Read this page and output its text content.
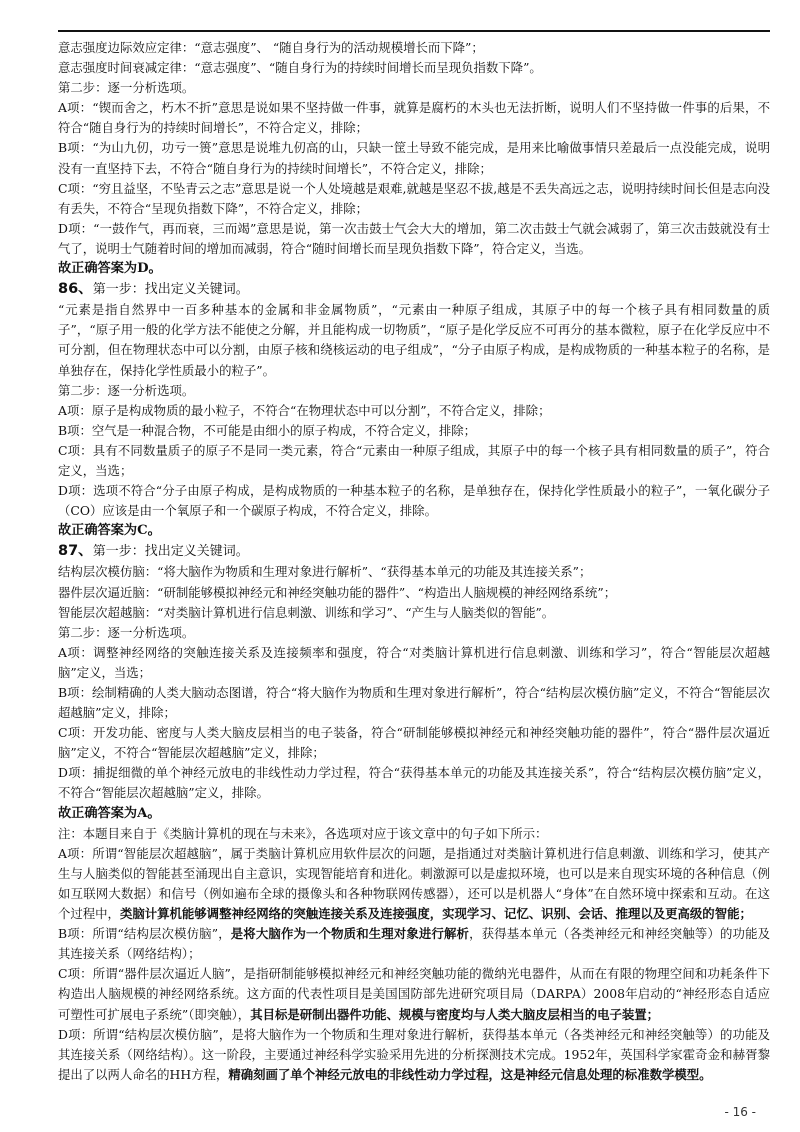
意志强度边际效应定律：“意志强度”、 “随自身行为的活动规模增长而下降”；

意志强度时间衰减定律：“意志强度”、“随自身行为的持续时间增长而呈现负指数下降”。

第二步：逐一分析选项。

A项：“锲而舍之，朽木不折”意思是说如果不坚持做一件事，就算是腐朽的木头也无法折断，说明人们不坚持做一件事的后果，不符合“随自身行为的持续时间增长”，不符合定义，排除；

B项：“为山九仞，功亏一篑”意思是说堆九仞高的山，只缺一筐土导致不能完成，是用来比喻做事情只差最后一点没能完成，说明没有一直坚持下去，不符合“随自身行为的持续时间增长”，不符合定义，排除；

C项：“穷且益坚，不坠青云之志”意思是说一个人处境越是艰难,就越是坚忍不拔,越是不丢失高远之志，说明持续时间长但是志向没有丢失，不符合“呈现负指数下降”，不符合定义，排除；

D项：“一鼓作气，再而衰，三而竭”意思是说，第一次击鼓士气会大大的增加，第二次击鼓士气就会减弱了，第三次击鼓就没有士气了，说明士气随着时间的增加而减弱，符合“随时间增长而呈现负指数下降”，符合定义，当选。

故正确答案为D。

86、第一步：找出定义关键词。

“元素是指自然界中一百多种基本的金属和非金属物质”，“元素由一种原子组成，其原子中的每一个核子具有相同数量的质子”，“原子用一般的化学方法不能使之分解，并且能构成一切物质”，“原子是化学反应不可再分的基本微粒，原子在化学反应中不可分割，但在物理状态中可以分割，由原子核和绕核运动的电子组成”，“分子由原子构成，是构成物质的一种基本粒子的名称，是单独存在，保持化学性质最小的粒子”。

第二步：逐一分析选项。

A项：原子是构成物质的最小粒子，不符合“在物理状态中可以分割”，不符合定义，排除；

B项：空气是一种混合物，不可能是由细小的原子构成，不符合定义，排除；

C项：具有不同数量质子的原子不是同一类元素，符合“元素由一种原子组成，其原子中的每一个核子具有相同数量的质子”，符合定义，当选；

D项：选项不符合“分子由原子构成，是构成物质的一种基本粒子的名称，是单独存在，保持化学性质最小的粒子”，一氧化碳分子（CO）应该是由一个氧原子和一个碳原子构成，不符合定义，排除。

故正确答案为C。

87、第一步：找出定义关键词。

结构层次模仿脑：“将大脑作为物质和生理对象进行解析”、“获得基本单元的功能及其连接关系”；

器件层次逼近脑：“研制能够模拟神经元和神经突触功能的器件”、“构造出人脑规模的神经网络系统”；

智能层次超越脑：“对类脑计算机进行信息刺激、训练和学习”、“产生与人脑类似的智能”。

第二步：逐一分析选项。

A项：调整神经网络的突触连接关系及连接频率和强度，符合“对类脑计算机进行信息刺激、训练和学习”，符合“智能层次超越脑”定义，当选；

B项：绘制精确的人类大脑动态图谱，符合“将大脑作为物质和生理对象进行解析”，符合“结构层次模仿脑”定义，不符合“智能层次超越脑”定义，排除；

C项：开发功能、密度与人类大脑皮层相当的电子装备，符合“研制能够模拟神经元和神经突触功能的器件”，符合“器件层次逼近脑”定义，不符合“智能层次超越脑”定义，排除；

D项：捕捉细微的单个神经元放电的非线性动力学过程，符合“获得基本单元的功能及其连接关系”，符合“结构层次模仿脑”定义，不符合“智能层次超越脑”定义，排除。

故正确答案为A。

注：本题目来自于《类脑计算机的现在与未来》，各选项对应于该文章中的句子如下所示：

A项：所谓“智能层次超越脑”，属于类脑计算机应用软件层次的问题，是指通过对类脑计算机进行信息刺激、训练和学习，使其产生与人脑类似的智能甚至涌现出自主意识，实现智能培育和进化。刺激源可以是虚拟环境，也可以是来自现实环境的各种信息（例如互联网大数据）和信号（例如遍布全球的摄像头和各种物联网传感器），还可以是机器人“身体”在自然环境中探索和互动。在这个过程中，类脑计算机能够调整神经网络的突触连接关系及连接强度，实现学习、记忆、识别、会话、推理以及更高级的智能；

B项：所谓“结构层次模仿脑”，是将大脑作为一个物质和生理对象进行解析，获得基本单元（各类神经元和神经突触等）的功能及其连接关系（网络结构）；

C项：所谓“器件层次逼近人脑”，是指研制能够模拟神经元和神经突触功能的微纳光电器件，从而在有限的物理空间和功耗条件下构造出人脑规模的神经网络系统。这方面的代表性项目是美国国防部先进研究项目局（DARPA）2008年启动的“神经形态自适应可塑性可扩展电子系统”（即突触），其目标是研制出器件功能、规模与密度均与人类大脑皮层相当的电子装置；

D项：所谓“结构层次模仿脑”，是将大脑作为一个物质和生理对象进行解析，获得基本单元（各类神经元和神经突触等）的功能及其连接关系（网络结构）。这一阶段，主要通过神经科学实验采用先进的分析探测技术完成。1952年，英国科学家霍奇金和赫胥黎提出了以两人命名的HH方程，精确刻画了单个神经元放电的非线性动力学过程，这是神经元信息处理的标准数学模型。

- 16 -
